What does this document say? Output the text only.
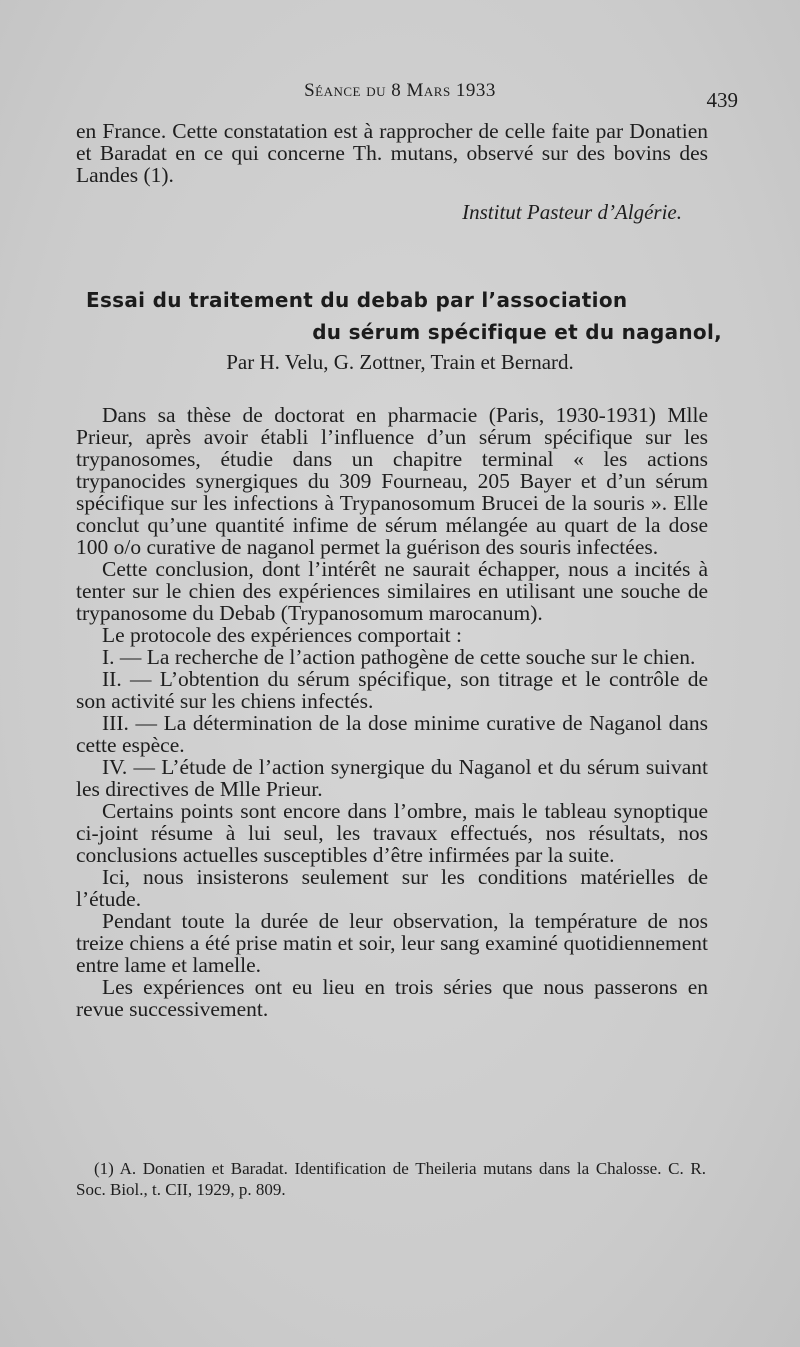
Séance du 8 Mars 1933	439

en France. Cette constatation est à rapprocher de celle faite par Donatien et Baradat en ce qui concerne Th. mutans, observé sur des bovins des Landes (1).

Institut Pasteur d’Algérie.
Essai du traitement du debab par l’association
du sérum spécifique et du naganol,
Par H. Velu, G. Zottner, Train et Bernard.

Dans sa thèse de doctorat en pharmacie (Paris, 1930-1931) Mlle Prieur, après avoir établi l’influence d’un sérum spécifique sur les trypanosomes, étudie dans un chapitre terminal « les actions trypanocides synergiques du 309 Fourneau, 205 Bayer et d’un sérum spécifique sur les infections à Trypanosomum Brucei de la souris ». Elle conclut qu’une quantité infime de sérum mélangée au quart de la dose 100 o/o curative de naganol permet la guérison des souris infectées.

Cette conclusion, dont l’intérêt ne saurait échapper, nous a incités à tenter sur le chien des expériences similaires en utilisant une souche de trypanosome du Debab (Trypanosomum marocanum).

Le protocole des expériences comportait :

I. — La recherche de l’action pathogène de cette souche sur le chien.

II. — L’obtention du sérum spécifique, son titrage et le contrôle de son activité sur les chiens infectés.

III. — La détermination de la dose minime curative de Naganol dans cette espèce.

IV. — L’étude de l’action synergique du Naganol et du sérum suivant les directives de Mlle Prieur.

Certains points sont encore dans l’ombre, mais le tableau synoptique ci-joint résume à lui seul, les travaux effectués, nos résultats, nos conclusions actuelles susceptibles d’être infirmées par la suite.

Ici, nous insisterons seulement sur les conditions matérielles de l’étude.

Pendant toute la durée de leur observation, la température de nos treize chiens a été prise matin et soir, leur sang examiné quotidiennement entre lame et lamelle.

Les expériences ont eu lieu en trois séries que nous passerons en revue successivement.

(1) A. Donatien et Baradat. Identification de Theileria mutans dans la Chalosse. C. R. Soc. Biol., t. CII, 1929, p. 809.
